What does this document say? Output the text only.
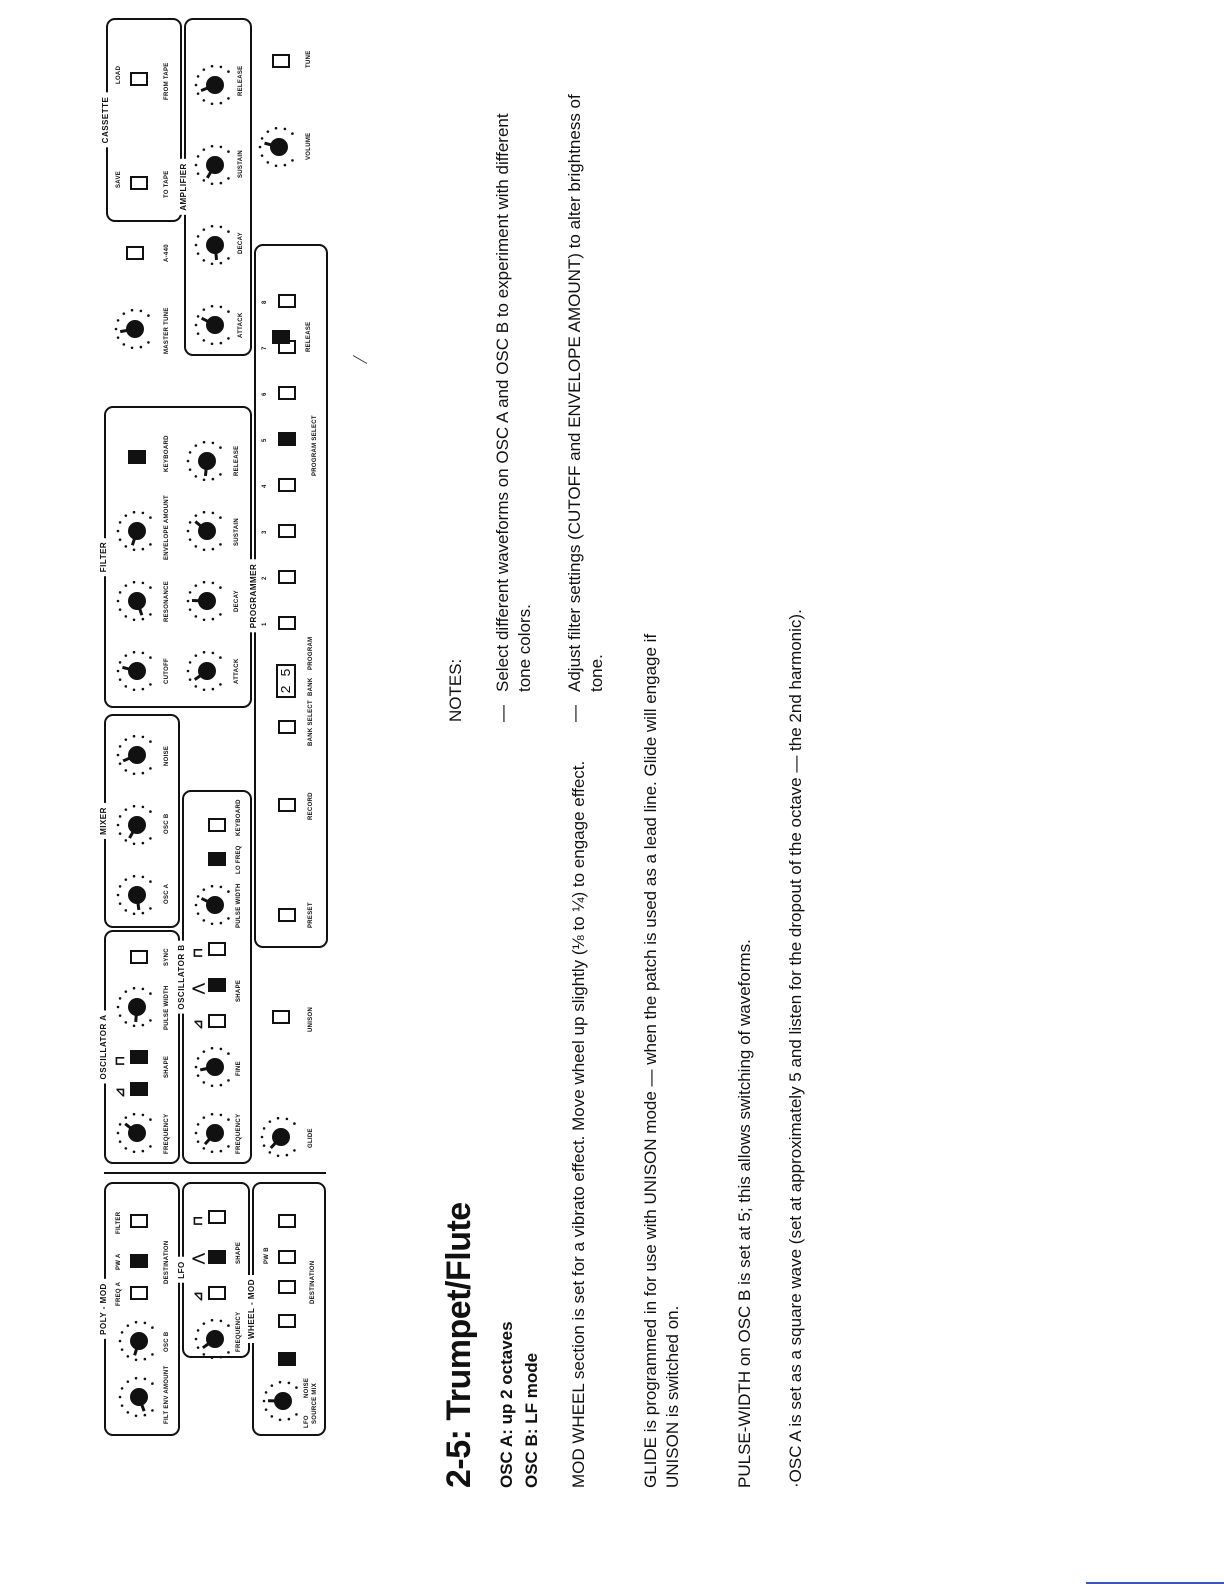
POLY - MOD
FILT ENV AMOUNT
OSC B
FREQ A
PW A
FILTER
DESTINATION LFO
⊿
⋀
⊓
FREQUENCY
SHAPE
WHEEL - MOD
LFO
NOISE SOURCE MIX
PW B
DESTINATION
OSCILLATOR A
⊿
⊓
FREQUENCY
SHAPE
PULSE WIDTH
SYNC OSCILLATOR B
⊿
⋀
⊓
FREQUENCY
FINE
SHAPE
PULSE WIDTH
LO FREQ
KEYBOARD
MIXER
OSC A
OSC B
NOISE
FILTER
CUTOFF
RESONANCE
ENVELOPE AMOUNT
KEYBOARD
ATTACK
DECAY
SUSTAIN
RELEASE
GLIDE
UNISON
PROGRAMMER
PRESET
RECORD
BANK SELECT
2 5 BANK
PROGRAM
1
2
3
4
5
6
7
8
PROGRAM SELECT
MASTER TUNE
A-440
CASSETTE
SAVE	TO TAPE
LOAD	FROM TAPE
AMPLIFIER
ATTACK
DECAY
SUSTAIN
RELEASE
RELEASE
VOLUME
TUNE
2-5: Trumpet/Flute OSC A: up 2 octaves OSC B: LF mode MOD WHEEL section is set for a vibrato effect. Move wheel up slightly (⅛ to ¼) to engage effect.	GLIDE is programmed in for use with UNISON mode — when the patch is used as a lead line. Glide will engage if UNISON is switched on.	PULSE-WIDTH on OSC B is set at 5; this allows switching of waveforms. ·OSC A is set as a square wave (set at approximately 5 and listen for the dropout of the octave — the 2nd harmonic).
NOTES: —
Select different waveforms on OSC A and OSC B to experiment with different tone colors.
—
Adjust filter settings (CUTOFF and ENVELOPE AMOUNT) to alter brightness of tone.
